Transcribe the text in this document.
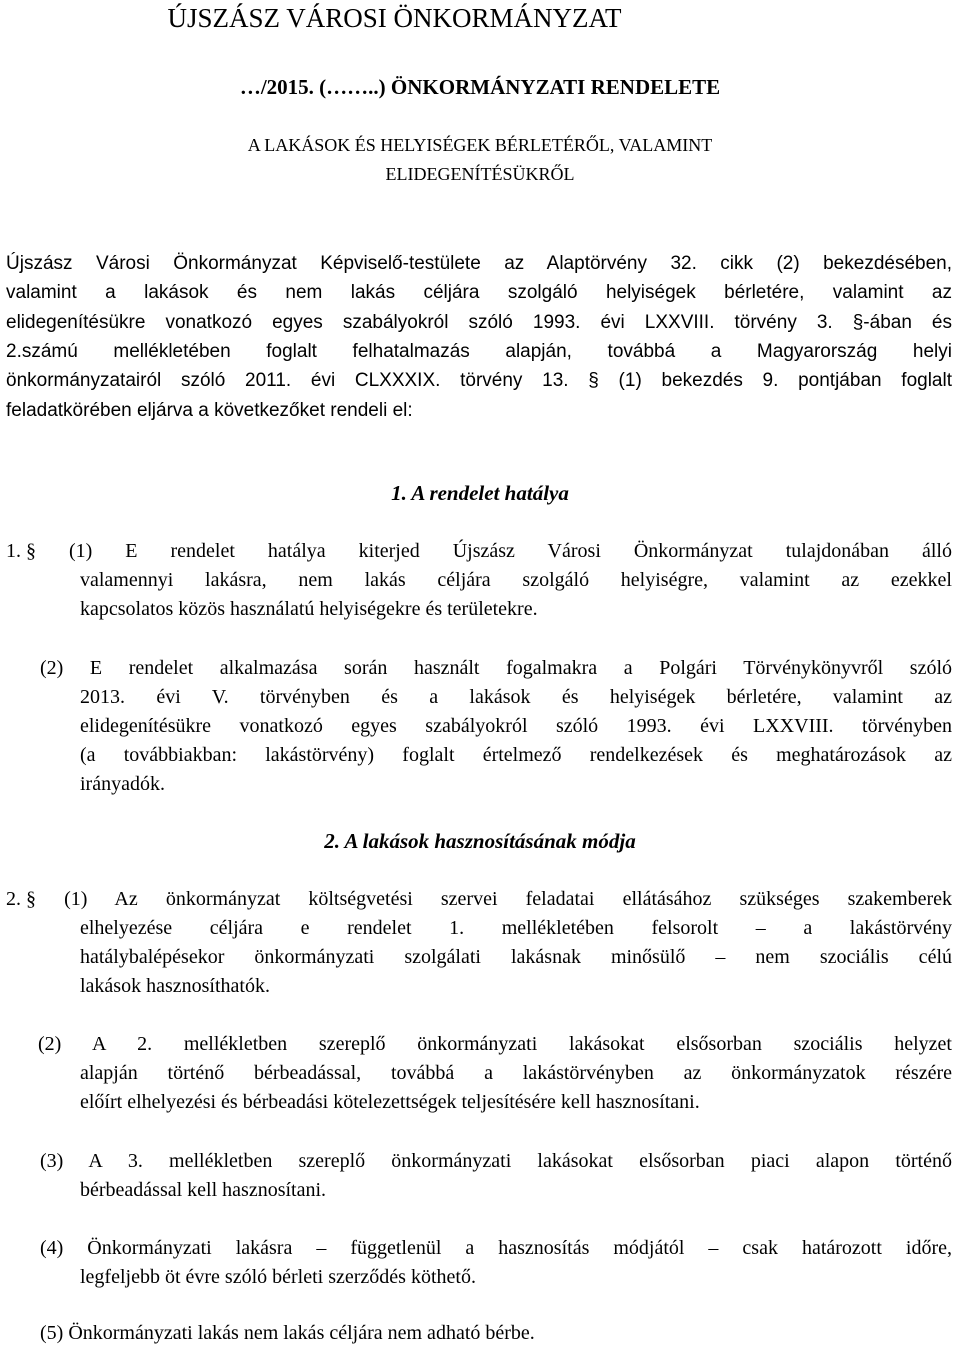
ÚJSZÁSZ VÁROSI ÖNKORMÁNYZAT
…/2015. (……..) ÖNKORMÁNYZATI RENDELETE
A LAKÁSOK ÉS HELYISÉGEK BÉRLETÉRŐL, VALAMINT
ELIDEGENÍTÉSÜKRŐL
Újszász Városi Önkormányzat Képviselő-testülete az Alaptörvény 32. cikk (2) bekezdésében,
valamint a lakások és nem lakás céljára szolgáló helyiségek bérletére, valamint az
elidegenítésükre vonatkozó egyes szabályokról szóló 1993. évi LXXVIII. törvény 3. §-ában és
2.számú mellékletében foglalt felhatalmazás alapján, továbbá a Magyarország helyi
önkormányzatairól szóló 2011. évi CLXXXIX. törvény 13. § (1) bekezdés 9. pontjában foglalt
feladatkörében eljárva a következőket rendeli el:
1. A rendelet hatálya
1. § (1) E rendelet hatálya kiterjed Újszász Városi Önkormányzat tulajdonában álló
valamennyi lakásra, nem lakás céljára szolgáló helyiségre, valamint az ezekkel
kapcsolatos közös használatú helyiségekre és területekre.
(2) E rendelet alkalmazása során használt fogalmakra a Polgári Törvénykönyvről szóló
2013. évi V. törvényben és a lakások és helyiségek bérletére, valamint az
elidegenítésükre vonatkozó egyes szabályokról szóló 1993. évi LXXVIII. törvényben
(a továbbiakban: lakástörvény) foglalt értelmező rendelkezések és meghatározások az
irányadók.
2. A lakások hasznosításának módja
2. § (1) Az önkormányzat költségvetési szervei feladatai ellátásához szükséges szakemberek
elhelyezése céljára e rendelet 1. mellékletében felsorolt – a lakástörvény
hatálybalépésekor önkormányzati szolgálati lakásnak minősülő – nem szociális célú
lakások hasznosíthatók.
(2) A 2. mellékletben szereplő önkormányzati lakásokat elsősorban szociális helyzet
alapján történő bérbeadással, továbbá a lakástörvényben az önkormányzatok részére
előírt elhelyezési és bérbeadási kötelezettségek teljesítésére kell hasznosítani.
(3) A 3. mellékletben szereplő önkormányzati lakásokat elsősorban piaci alapon történő
bérbeadással kell hasznosítani.
(4) Önkormányzati lakásra – függetlenül a hasznosítás módjától – csak határozott időre,
legfeljebb öt évre szóló bérleti szerződés köthető.
(5) Önkormányzati lakás nem lakás céljára nem adható bérbe.
